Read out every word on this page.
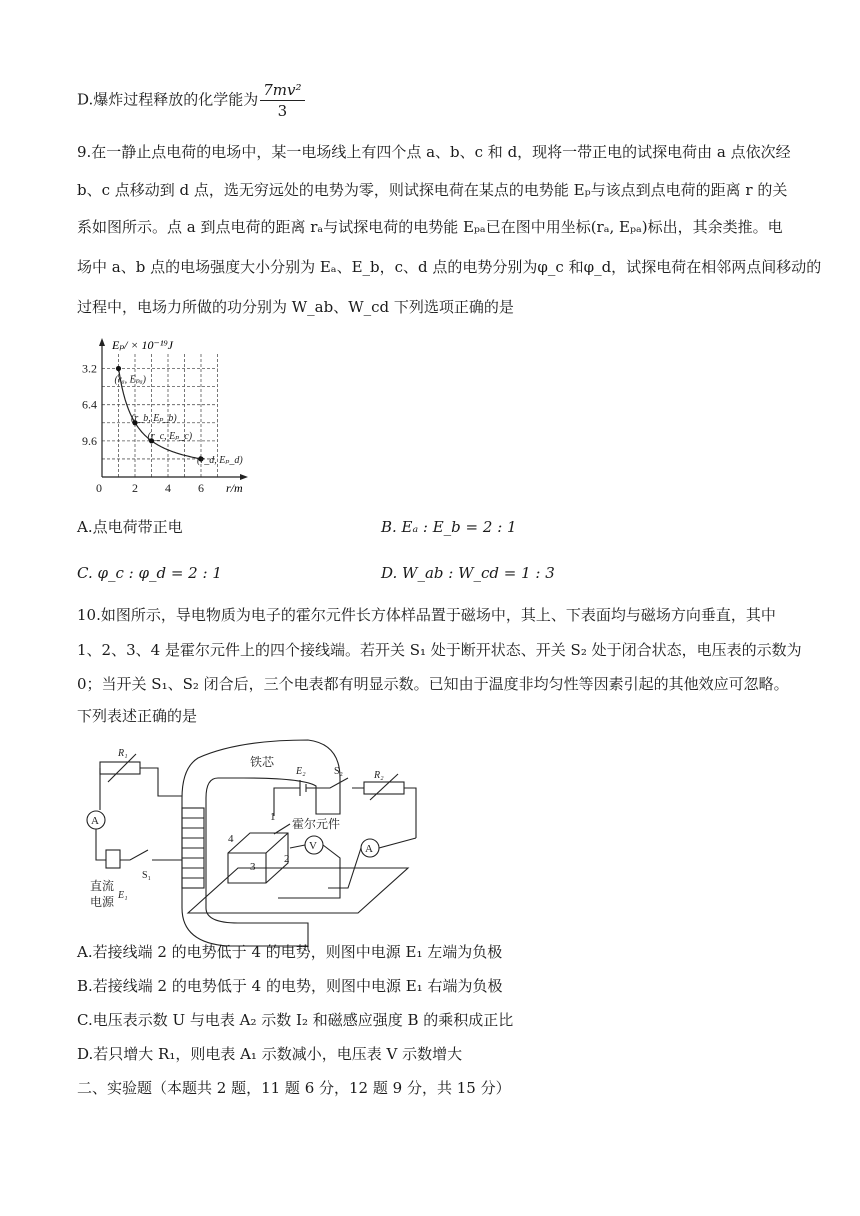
D.爆炸过程释放的化学能为 $\frac{\text{7mv²}}{3}$
9.在一静止点电荷的电场中，某一电场线上有四个点 a、b、c 和 d，现将一带正电的试探电荷由 a 点依次经
b、c 点移动到 d 点，选无穷远处的电势为零，则试探电荷在某点的电势能 Eₚ与该点到点电荷的距离 r 的关
系如图所示。点 a 到点电荷的距离 rₐ与试探电荷的电势能 Eₚₐ已在图中用坐标(rₐ, Eₚₐ)标出，其余类推。电
场中 a、b 点的电场强度大小分别为 Eₐ、E_b，c、d 点的电势分别为φ_c 和φ_d，试探电荷在相邻两点间移动的
过程中，电场力所做的功分别为 W_ab、W_cd 下列选项正确的是
Eₚ/ × 10⁻¹⁹J
r/m
9.6
6.4
3.2
0	2 4 6
(rₐ, Eₚₐ)
(r_b, Eₚ_b)
(r_c, Eₚ_c)
(r_d, Eₚ_d)
A.点电荷带正电	B. Eₐ : E_b = 2 : 1
C. φ_c : φ_d = 2 : 1	D. W_ab : W_cd = 1 : 3
10.如图所示，导电物质为电子的霍尔元件长方体样品置于磁场中，其上、下表面均与磁场方向垂直，其中
1、2、3、4 是霍尔元件上的四个接线端。若开关 S₁ 处于断开状态、开关 S₂ 处于闭合状态，电压表的示数为
0；当开关 S₁、S₂ 闭合后，三个电表都有明显示数。已知由于温度非均匀性等因素引起的其他效应可忽略。
下列表述正确的是
铁芯
R₁
A
S₁
直流
电源 E₁
1
2
3
4
霍尔元件
E₂	S₂	R₂
A
V
A.若接线端 2 的电势低于 4 的电势，则图中电源 E₁ 左端为负极
B.若接线端 2 的电势低于 4 的电势，则图中电源 E₁ 右端为负极
C.电压表示数 U 与电表 A₂ 示数 I₂ 和磁感应强度 B 的乘积成正比
D.若只增大 R₁，则电表 A₁ 示数减小，电压表 V 示数增大
二、实验题（本题共 2 题，11 题 6 分，12 题 9 分，共 15 分）
